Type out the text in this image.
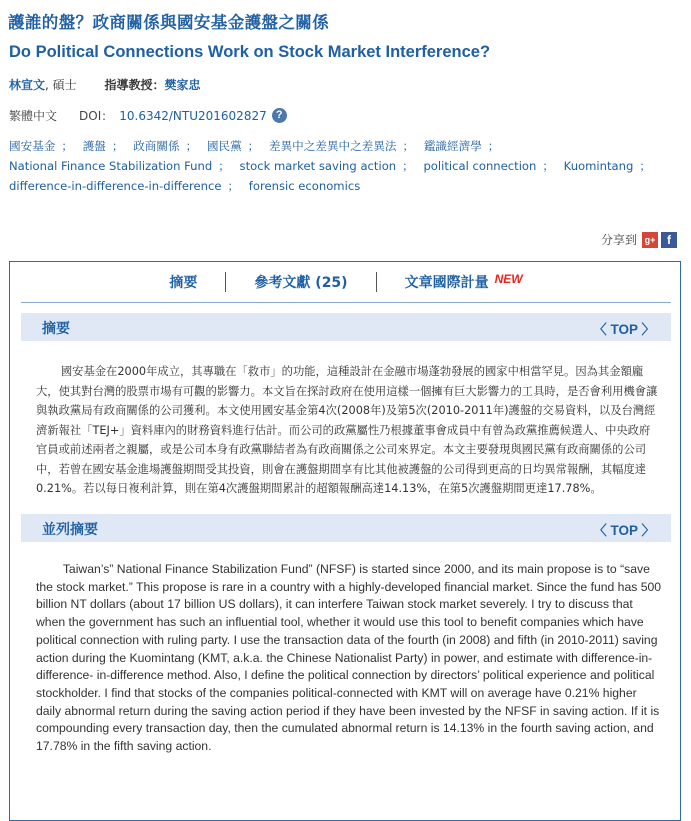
護誰的盤？政商關係與國安基金護盤之關係
Do Political Connections Work on Stock Market Interference?
林宣文, 碩士 指導教授：樊家忠
繁體中文 DOI： 10.6342/NTU201602827 ?
國安基金 ； 護盤 ； 政商關係 ； 國民黨 ； 差異中之差異中之差異法 ； 鑑識經濟學 ； National Finance Stabilization Fund ； stock market saving action ； political connection ； Kuomintang ； difference-in-difference-in-difference ； forensic economics
分享到 g+ f
摘要	參考文獻 (25)	文章國際計量 NEW
摘要	〈 TOP 〉

國安基金在2000年成立，其專職在「救市」的功能，這種設計在金融市場蓬勃發展的國家中相當罕見。因為其金額龐大，使其對台灣的股票市場有可觀的影響力。本文旨在探討政府在使用這樣一個擁有巨大影響力的工具時，是否會利用機會讓與執政黨局有政商關係的公司獲利。本文使用國安基金第4次(2008年)及第5次(2010-2011年)護盤的交易資料，以及台灣經濟新報社「TEJ+」資料庫內的財務資料進行估計。而公司的政黨屬性乃根據董事會成員中有曾為政黨推薦候選人、中央政府官員或前述兩者之親屬，或是公司本身有政黨聯結者為有政商關係之公司來界定。本文主要發現與國民黨有政商關係的公司中，若曾在國安基金進場護盤期間受其投資，則會在護盤期間享有比其他被護盤的公司得到更高的日均異常報酬，其幅度達0.21%。若以每日複利計算，則在第4次護盤期間累計的超額報酬高達14.13%，在第5次護盤期間更達17.78%。

並列摘要	〈 TOP 〉

Taiwan’s” National Finance Stabilization Fund” (NFSF) is started since 2000, and its main propose is to “save the stock market.” This propose is rare in a country with a highly-developed financial market. Since the fund has 500 billion NT dollars (about 17 billion US dollars), it can interfere Taiwan stock market severely. I try to discuss that when the government has such an influential tool, whether it would use this tool to benefit companies which have political connection with ruling party. I use the transaction data of the fourth (in 2008) and fifth (in 2010-2011) saving action during the Kuomintang (KMT, a.k.a. the Chinese Nationalist Party) in power, and estimate with difference-in-difference- in-difference method. Also, I define the political connection by directors’ political experience and political stockholder. I find that stocks of the companies political-connected with KMT will on average have 0.21% higher daily abnormal return during the saving action period if they have been invested by the NFSF in saving action. If it is compounding every transaction day, then the cumulated abnormal return is 14.13% in the fourth saving action, and 17.78% in the fifth saving action.
